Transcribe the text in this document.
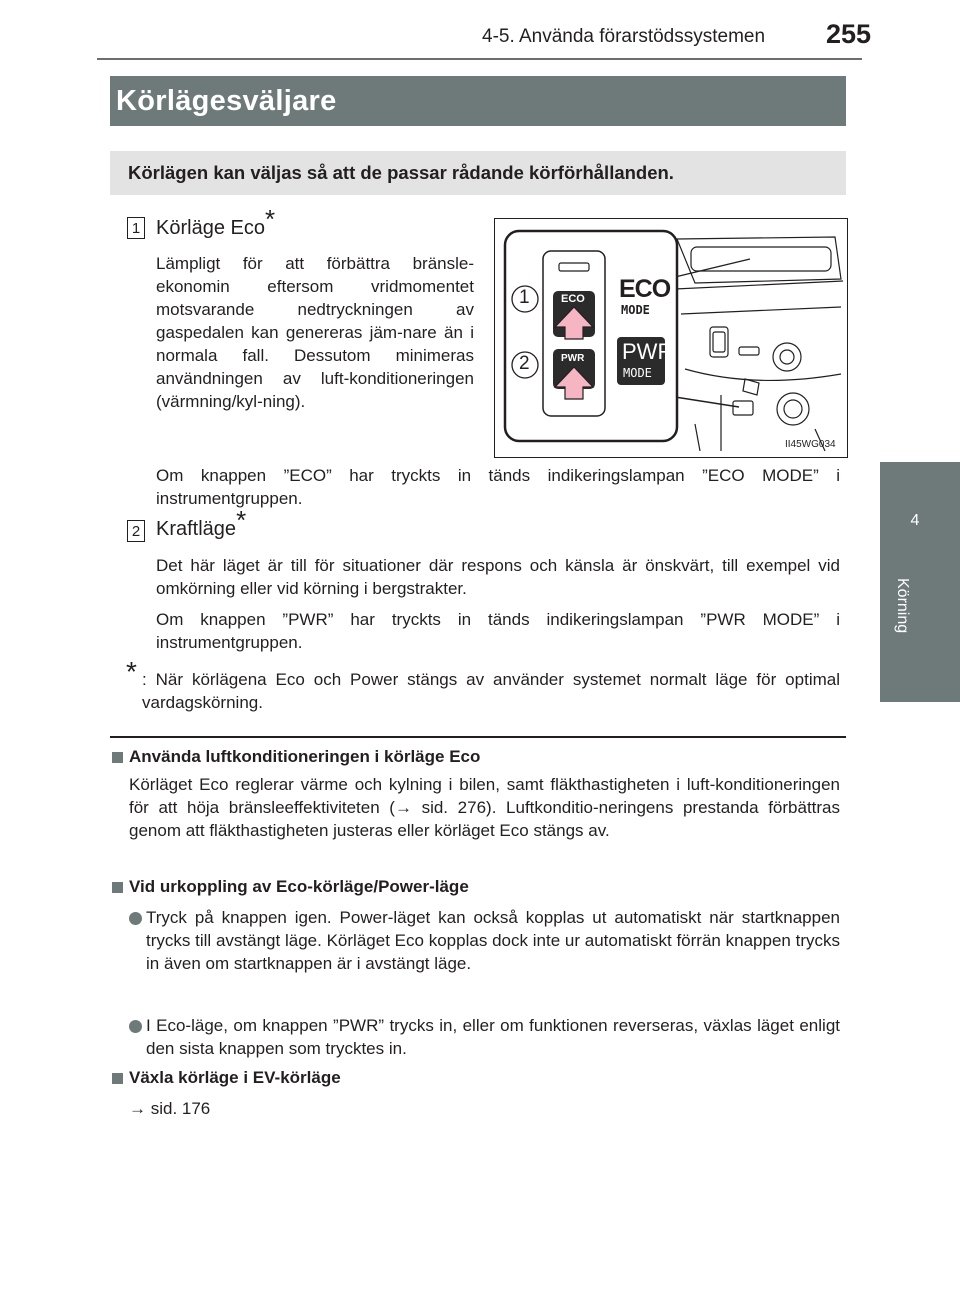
4-5. Använda förarstödssystemen 255
Körlägesväljare
Körlägen kan väljas så att de passar rådande körförhållanden.
4
Körning
1 Körläge Eco*
Lämpligt för att förbättra bränsle-ekonomin eftersom vridmomentet motsvarande nedtryckningen av gaspedalen kan genereras jäm-nare än i normala fall. Dessutom minimeras användningen av luft-konditioneringen (värmning/kyl-ning).
Om knappen ”ECO” har tryckts in tänds indikeringslampan ”ECO MODE” i instrumentgruppen.
2 Kraftläge*
Det här läget är till för situationer där respons och känsla är önskvärt, till exempel vid omkörning eller vid körning i bergstrakter.
Om knappen ”PWR” har tryckts in tänds indikeringslampan ”PWR MODE” i instrumentgruppen.
* : När körlägena Eco och Power stängs av använder systemet normalt läge för optimal vardagskörning.
1
2
ECO
PWR
ECO
MODE
PWR
MODE
II45WG034
Använda luftkonditioneringen i körläge Eco
Körläget Eco reglerar värme och kylning i bilen, samt fläkthastigheten i luft-konditioneringen för att höja bränsleeffektiviteten (→ sid. 276). Luftkonditio-neringens prestanda förbättras genom att fläkthastigheten justeras eller körläget Eco stängs av.
Vid urkoppling av Eco-körläge/Power-läge
Tryck på knappen igen. Power-läget kan också kopplas ut automatiskt när startknappen trycks till avstängt läge. Körläget Eco kopplas dock inte ur automatiskt förrän knappen trycks in även om startknappen är i avstängt läge.
I Eco-läge, om knappen ”PWR” trycks in, eller om funktionen reverseras, växlas läget enligt den sista knappen som trycktes in.
Växla körläge i EV-körläge
→ sid. 176
